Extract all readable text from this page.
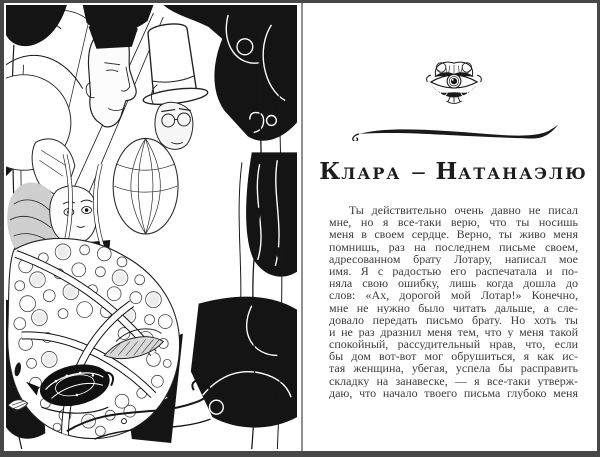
К ЛАРА — Н АТАНАЭЛЮ
Ты действительно очень давно не писал
мне, но я все-таки верю, что ты носишь
меня в своем сердце. Верно, ты живо меня
помнишь, раз на последнем письме своем,
адресованном брату Лотару, написал мое
имя. Я с радостью его распечатала и по-
няла свою ошибку, лишь когда дошла до
слов: «Ах, дорогой мой Лотар!» Конечно,
мне не нужно было читать дальше, а сле-
довало передать письмо брату. Но хоть ты
и не раз дразнил меня тем, что у меня такой
спокойный, рассудительный нрав, что, если
бы дом вот-вот мог обрушиться, я как ис-
тая женщина, убегая, успела бы расправить
складку на занавеске, — я все-таки утверж-
даю, что начало твоего письма глубоко меня
